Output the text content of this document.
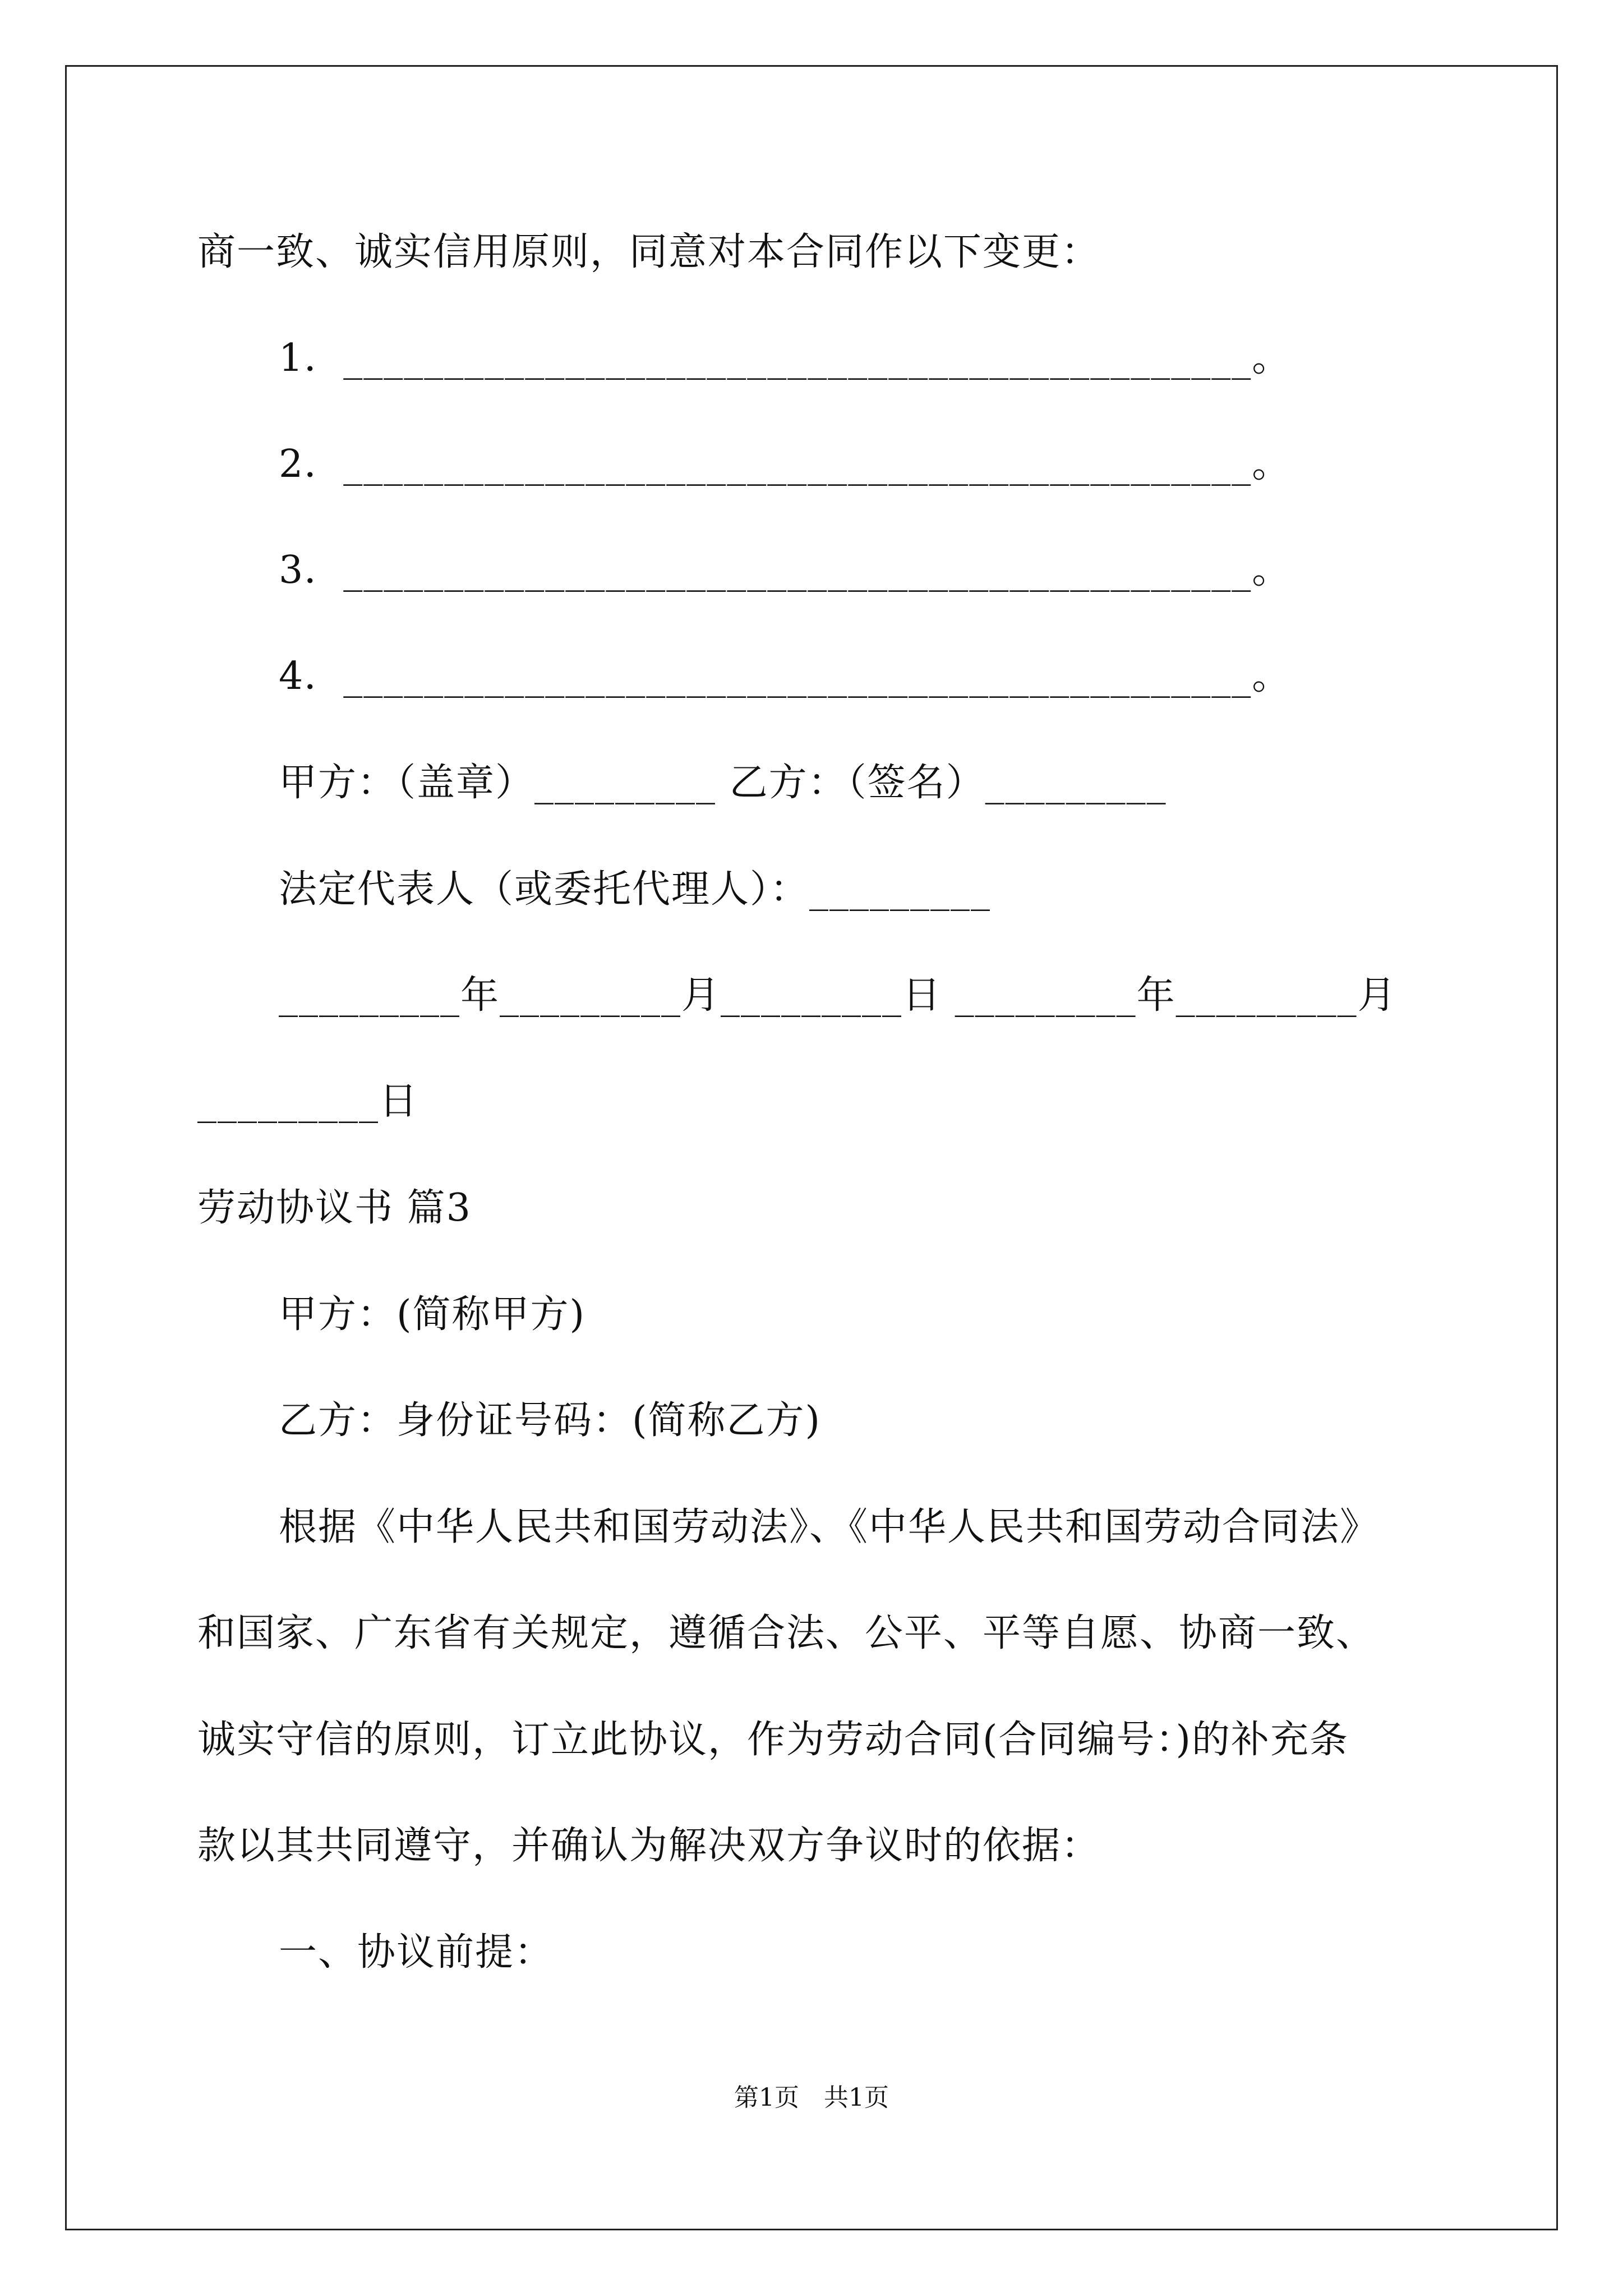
商一致、诚实信用原则，同意对本合同作以下变更：
1．_____________________________________________。
2．_____________________________________________。
3．_____________________________________________。
4．_____________________________________________。
甲方：（盖章）_________ 乙方：（签名）_________
法定代表人（或委托代理人）：_________
_________年_________月_________日 _________年_________月
_________日
劳动协议书 篇3
甲方：(简称甲方)
乙方：身份证号码：(简称乙方)
根据《中华人民共和国劳动法》、《中华人民共和国劳动合同法》
和国家、广东省有关规定，遵循合法、公平、平等自愿、协商一致、
诚实守信的原则，订立此协议，作为劳动合同(合同编号：)的补充条
款以其共同遵守，并确认为解决双方争议时的依据：
一、协议前提：
第1页　共1页
